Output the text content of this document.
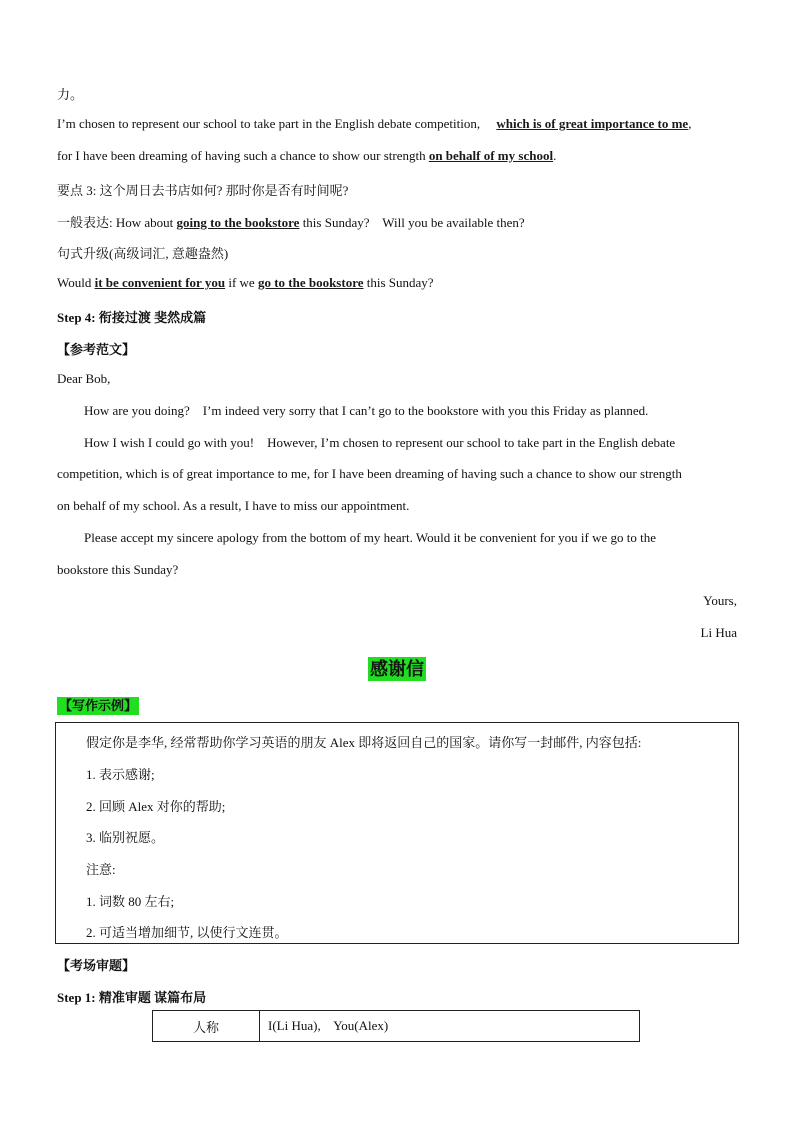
力。
I’m chosen to represent our school to take part in the English debate competition, which is of great importance to me,
for I have been dreaming of having such a chance to show our strength on behalf of my school.
要点 3: 这个周日去书店如何? 那时你是否有时间呢?
一般表达: How about going to the bookstore this Sunday?    Will you be available then?
句式升级(高级词汇, 意趣盎然)
Would it be convenient for you if we go to the bookstore this Sunday?
Step 4: 衔接过渡 斐然成篇
【参考范文】
Dear Bob,
How are you doing?    I’m indeed very sorry that I can’t go to the bookstore with you this Friday as planned.
How I wish I could go with you!    However, I’m chosen to represent our school to take part in the English debate
competition, which is of great importance to me, for I have been dreaming of having such a chance to show our strength
on behalf of my school. As a result, I have to miss our appointment.
Please accept my sincere apology from the bottom of my heart. Would it be convenient for you if we go to the
bookstore this Sunday?
Yours,
Li Hua
感谢信
【写作示例】
假定你是李华, 经常帮助你学习英语的朋友 Alex 即将返回自己的国家。请你写一封邮件, 内容包括:
1. 表示感谢;
2. 回顾 Alex 对你的帮助;
3. 临别祝愿。
注意:
1. 词数 80 左右;
2. 可适当增加细节, 以使行文连贯。
【考场审题】
Step 1: 精准审题 谋篇布局
人称	I(Li Hua),    You(Alex)
